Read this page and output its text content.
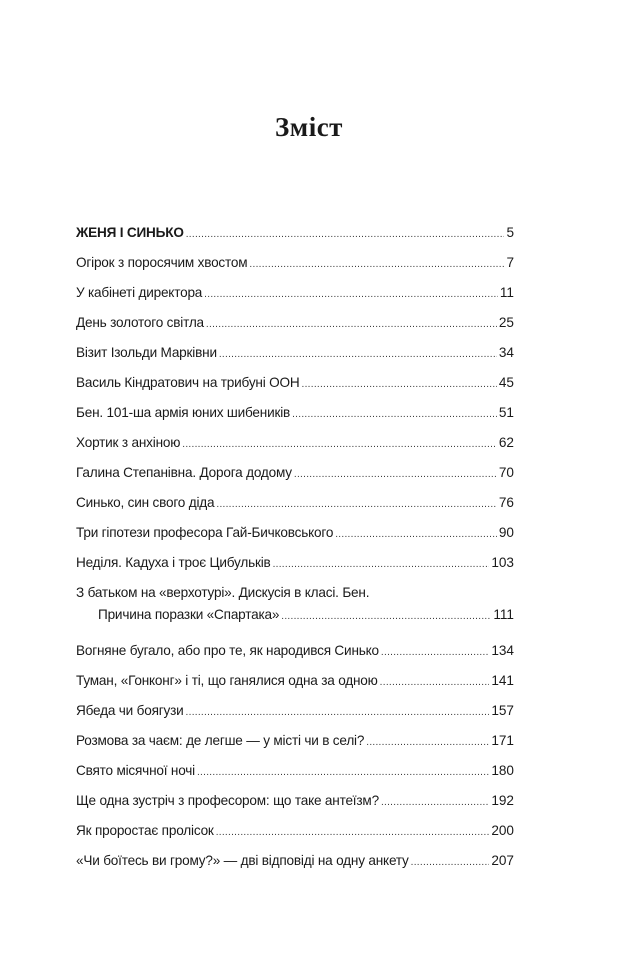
Зміст
ЖЕНЯ І СИНЬКО .....	5
Огірок з поросячим хвостом .....	7
У кабінеті директора .....	11
День золотого світла .....	25
Візит Ізольди Марківни .....	34
Василь Кіндратович на трибуні ООН .....	45
Бен. 101-ша армія юних шибеників .....	51
Хортик з анхіною .....	62
Галина Степанівна. Дорога додому .....	70
Синько, син свого діда .....	76
Три гіпотези професора Гай-Бичковського .....	90
Неділя. Кадуха і троє Цибульків .....	103
З батьком на «верхотурі». Дискусія в класі. Бен.
Причина поразки «Спартака» .....	111
Вогняне бугало, або про те, як народився Синько .....	134
Туман, «Гонконг» і ті, що ганялися одна за одною .....	141
Ябеда чи боягузи .....	157
Розмова за чаєм: де легше — у місті чи в селі? .....	171
Свято місячної ночі .....	180
Ще одна зустріч з професором: що таке антеїзм? .....	192
Як проростає пролісок .....	200
«Чи боїтесь ви грому?» — дві відповіді на одну анкету .....	207
